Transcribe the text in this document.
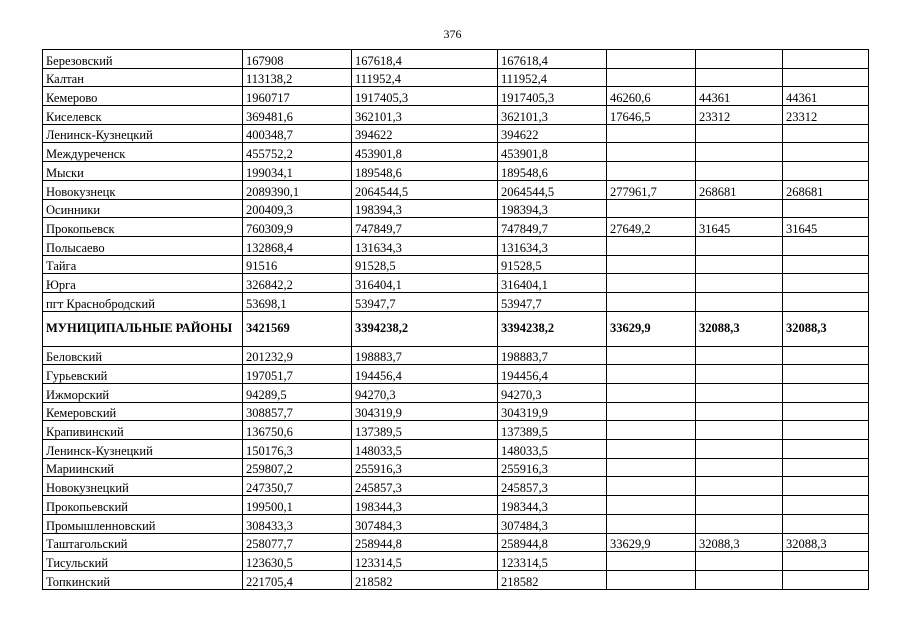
376
Березовский	167908	167618,4	167618,4			
Калтан	113138,2	111952,4	111952,4			
Кемерово	1960717	1917405,3	1917405,3	46260,6	44361	44361
Киселевск	369481,6	362101,3	362101,3	17646,5	23312	23312
Ленинск-Кузнецкий	400348,7	394622	394622			
Междуреченск	455752,2	453901,8	453901,8			
Мыски	199034,1	189548,6	189548,6			
Новокузнецк	2089390,1	2064544,5	2064544,5	277961,7	268681	268681
Осинники	200409,3	198394,3	198394,3			
Прокопьевск	760309,9	747849,7	747849,7	27649,2	31645	31645
Полысаево	132868,4	131634,3	131634,3			
Тайга	91516	91528,5	91528,5			
Юрга	326842,2	316404,1	316404,1			
пгт Краснобродский	53698,1	53947,7	53947,7			
МУНИЦИПАЛЬНЫЕ РАЙОНЫ	3421569	3394238,2	3394238,2	33629,9	32088,3	32088,3
Беловский	201232,9	198883,7	198883,7			
Гурьевский	197051,7	194456,4	194456,4			
Ижморский	94289,5	94270,3	94270,3			
Кемеровский	308857,7	304319,9	304319,9			
Крапивинский	136750,6	137389,5	137389,5			
Ленинск-Кузнецкий	150176,3	148033,5	148033,5			
Мариинский	259807,2	255916,3	255916,3			
Новокузнецкий	247350,7	245857,3	245857,3			
Прокопьевский	199500,1	198344,3	198344,3			
Промышленновский	308433,3	307484,3	307484,3			
Таштагольский	258077,7	258944,8	258944,8	33629,9	32088,3	32088,3
Тисульский	123630,5	123314,5	123314,5			
Топкинский	221705,4	218582	218582			
